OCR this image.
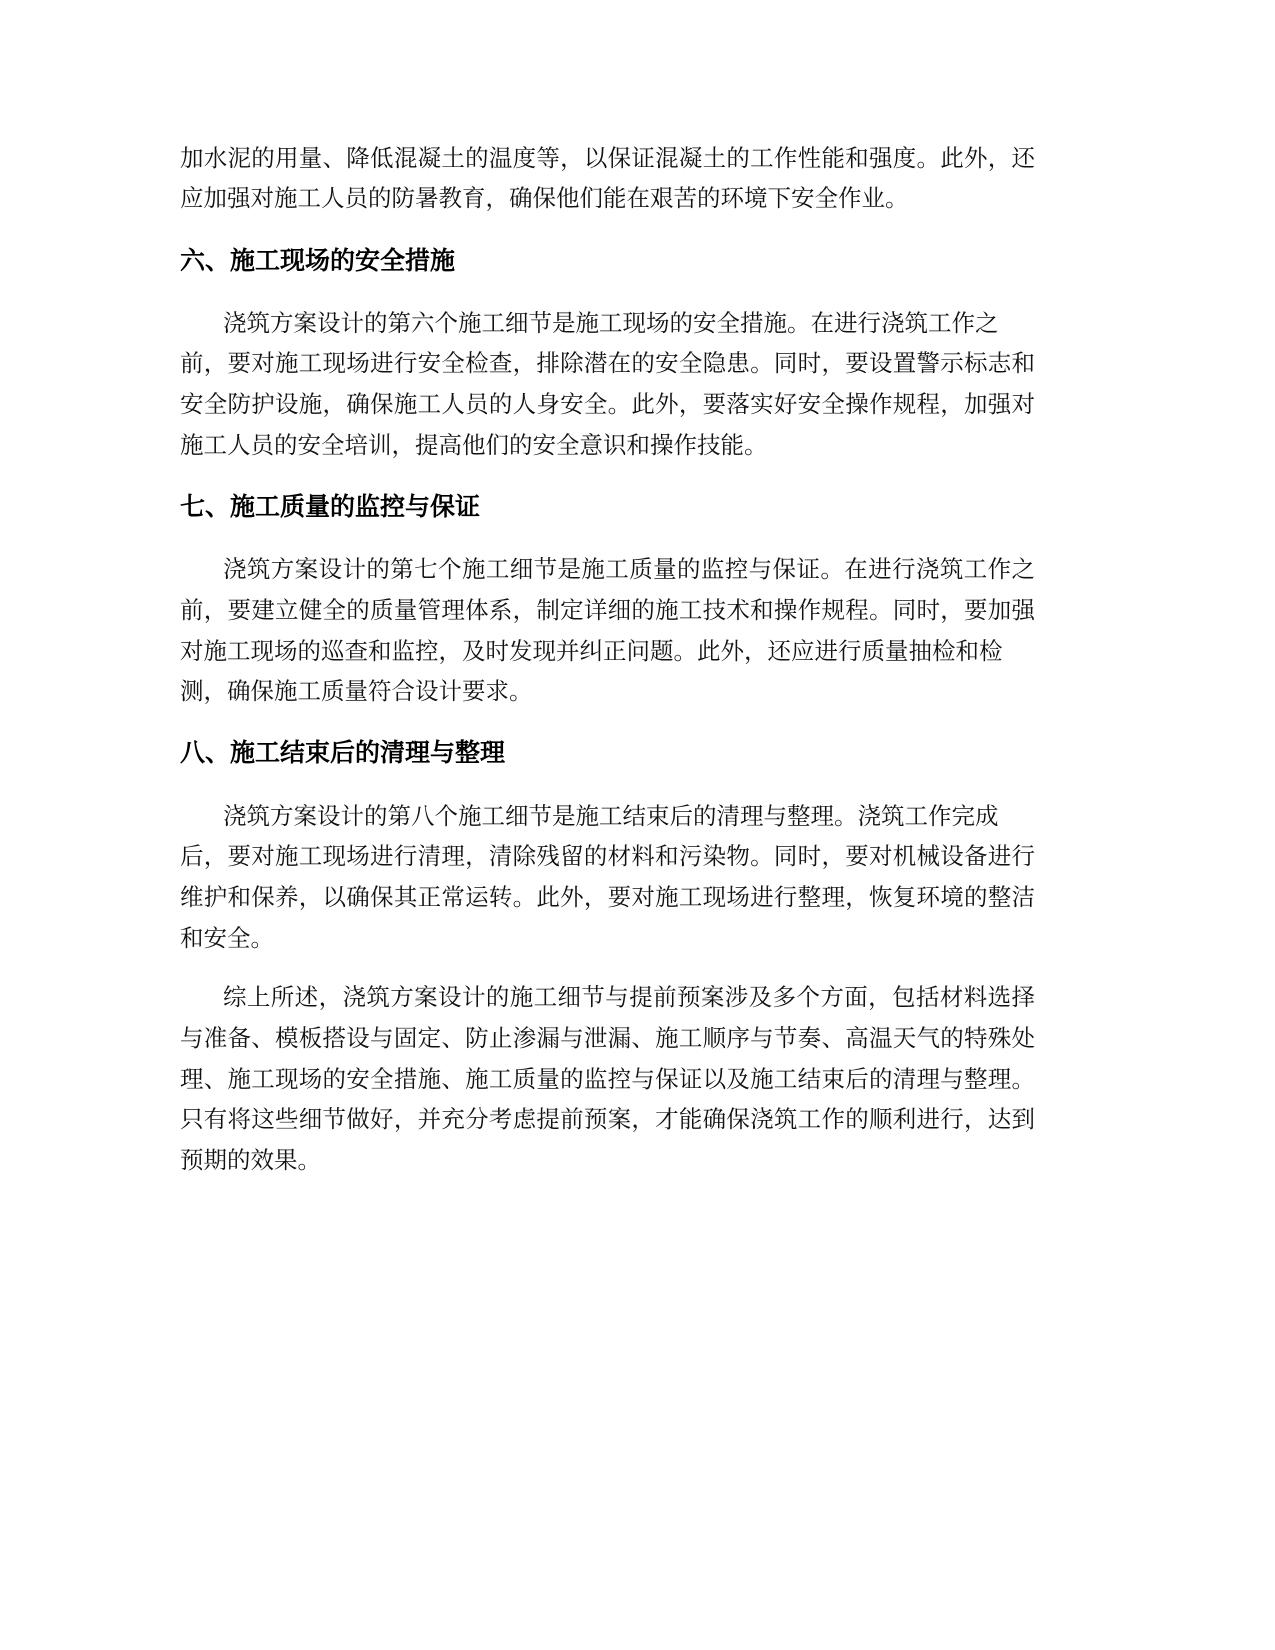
加水泥的用量、降低混凝土的温度等，以保证混凝土的工作性能和强度。此外，还
应加强对施工人员的防暑教育，确保他们能在艰苦的环境下安全作业。

六、施工现场的安全措施

浇筑方案设计的第六个施工细节是施工现场的安全措施。在进行浇筑工作之
前，要对施工现场进行安全检查，排除潜在的安全隐患。同时，要设置警示标志和
安全防护设施，确保施工人员的人身安全。此外，要落实好安全操作规程，加强对
施工人员的安全培训，提高他们的安全意识和操作技能。

七、施工质量的监控与保证

浇筑方案设计的第七个施工细节是施工质量的监控与保证。在进行浇筑工作之
前，要建立健全的质量管理体系，制定详细的施工技术和操作规程。同时，要加强
对施工现场的巡查和监控，及时发现并纠正问题。此外，还应进行质量抽检和检
测，确保施工质量符合设计要求。

八、施工结束后的清理与整理

浇筑方案设计的第八个施工细节是施工结束后的清理与整理。浇筑工作完成
后，要对施工现场进行清理，清除残留的材料和污染物。同时，要对机械设备进行
维护和保养，以确保其正常运转。此外，要对施工现场进行整理，恢复环境的整洁
和安全。

综上所述，浇筑方案设计的施工细节与提前预案涉及多个方面，包括材料选择
与准备、模板搭设与固定、防止渗漏与泄漏、施工顺序与节奏、高温天气的特殊处
理、施工现场的安全措施、施工质量的监控与保证以及施工结束后的清理与整理。
只有将这些细节做好，并充分考虑提前预案，才能确保浇筑工作的顺利进行，达到
预期的效果。
